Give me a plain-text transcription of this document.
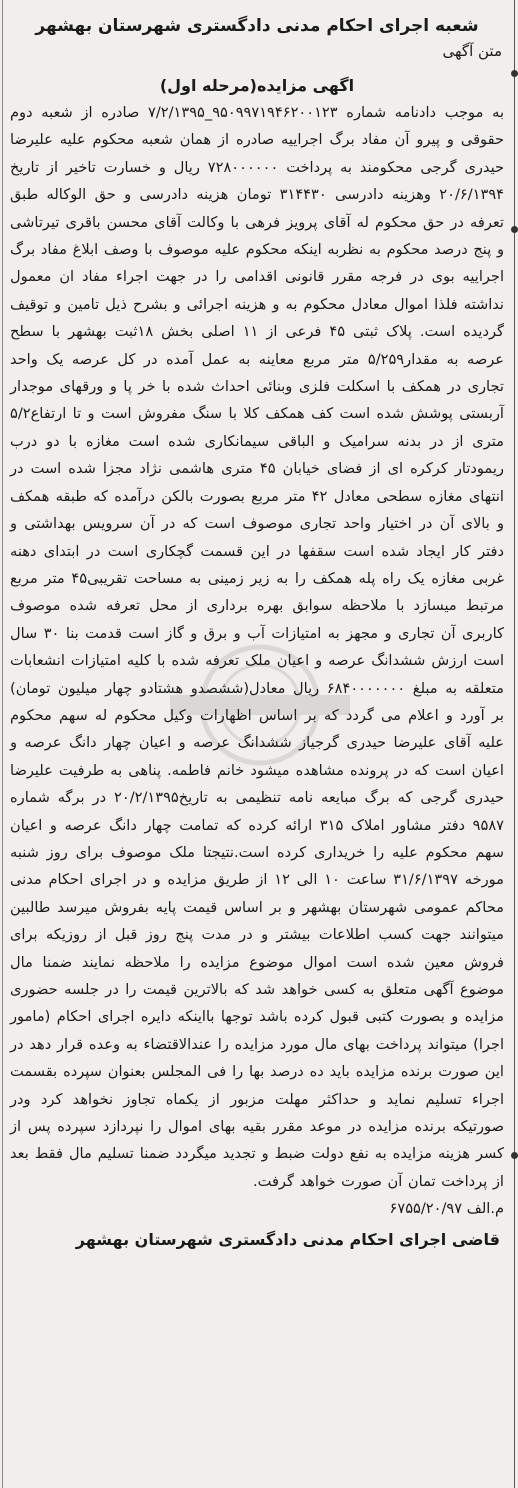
شعبه اجرای احکام مدنی دادگستری شهرستان بهشهر
متن آگهی
اگهی مزایده(مرحله اول)

به موجب دادنامه شماره ۹۵۰۹۹۷۱۹۴۶۲۰۰۱۲۳_۷/۲/۱۳۹۵ صادره از شعبه دوم حقوقی و پیرو آن مفاد برگ اجراییه صادره از همان شعبه محکوم علیه علیرضا حیدری گرجی محکومند به پرداخت ۷۲۸۰۰۰۰۰۰ ریال و خسارت تاخیر از تاریخ ۲۰/۶/۱۳۹۴ وهزینه دادرسی ۳۱۴۴۳۰ تومان هزینه دادرسی و حق الوکاله طبق تعرفه در حق محکوم له آقای پرویز فرهی با وکالت آقای محسن باقری تیرتاشی و پنج درصد محکوم به نظربه اینکه محکوم علیه موصوف با وصف ابلاغ مفاد برگ اجراییه بوی در فرجه مقرر قانونی اقدامی را در جهت اجراء مفاد ان معمول نداشته فلذا اموال معادل محکوم به و هزینه اجرائی و بشرح ذیل تامین و توقیف گردیده است. پلاک ثبتی ۴۵ فرعی از ۱۱ اصلی بخش ۱۸ثبت بهشهر با سطح عرصه به مقدار۵/۲۵۹ متر مربع معاینه به عمل آمده در کل عرصه یک واحد تجاری در همکف با اسکلت فلزی وبنائی احداث شده با خر پا و ورقهای موجدار آربستی پوشش شده است کف همکف کلا با سنگ مفروش است و تا ارتفاع۵/۲ متری از در بدنه سرامیک و الباقی سیمانکاری شده است مغازه با دو درب ریمودتار کرکره ای از فضای خیابان ۴۵ متری هاشمی نژاد مجزا شده است در انتهای مغازه سطحی معادل ۴۲ متر مربع بصورت بالکن درآمده که طبقه همکف و بالای آن در اختیار واحد تجاری موصوف است که در آن سرویس بهداشتی و دفتر کار ایجاد شده است سقفها در این قسمت گچکاری است در ابتدای دهنه غربی مغازه یک راه پله همکف را به زیر زمینی به مساحت تقریبی۴۵ متر مربع مرتبط میسازد با ملاحظه سوابق بهره برداری از محل تعرفه شده موصوف کاربری آن تجاری و مجهز به امتیازات آب و برق و گاز است قدمت بنا ۳۰ سال است ارزش ششدانگ عرصه و اعیان ملک تعرفه شده با کلیه امتیازات انشعابات متعلقه به مبلغ ۶۸۴۰۰۰۰۰۰۰ ریال معادل(ششصدو هشتادو چهار میلیون تومان) بر آورد و اعلام می گردد که بر اساس اظهارات وکیل محکوم له سهم محکوم علیه آقای علیرضا حیدری گرجیاز ششدانگ عرصه و اعیان چهار دانگ عرصه و اعیان است که در پرونده مشاهده میشود خانم فاطمه. پناهی به طرفیت علیرضا حیدری گرجی که برگ مبایعه نامه تنظیمی به تاریخ۲۰/۲/۱۳۹۵ در برگه شماره ۹۵۸۷ دفتر مشاور املاک ۳۱۵ ارائه کرده که تمامت چهار دانگ عرصه و اعیان سهم محکوم علیه را خریداری کرده است.نتیجتا ملک موصوف برای روز شنبه مورخه ۳۱/۶/۱۳۹۷ ساعت ۱۰ الی ۱۲ از طریق مزایده و در اجرای احکام مدنی محاکم عمومی شهرستان بهشهر و بر اساس قیمت پایه بفروش میرسد طالبین میتوانند جهت کسب اطلاعات بیشتر و در مدت پنج روز قبل از روزیکه برای فروش معین شده است اموال موضوع مزایده را ملاحظه نمایند ضمنا مال موضوع آگهی متعلق به کسی خواهد شد که بالاترین قیمت را در جلسه حضوری مزایده و بصورت کتبی قبول کرده باشد توجها بااینکه دایره اجرای احکام (مامور اجرا) میتواند پرداخت بهای مال مورد مزایده را عندالاقتضاء به وعده قرار دهد در این صورت برنده مزایده باید ده درصد بها را فی المجلس بعنوان سپرده بقسمت اجراء تسلیم نماید و حداکثر مهلت مزبور از یکماه تجاوز نخواهد کرد ودر صورتیکه برنده مزایده در موعد مقرر بقیه بهای اموال را نپردازد سپرده پس از کسر هزینه مزایده به نفع دولت ضبط و تجدید میگردد ضمنا تسلیم مال فقط بعد از پرداخت تمان آن صورت خواهد گرفت.

م.الف ۶۷۵۵/۲۰/۹۷
قاضی اجرای احکام مدنی دادگستری شهرستان بهشهر
